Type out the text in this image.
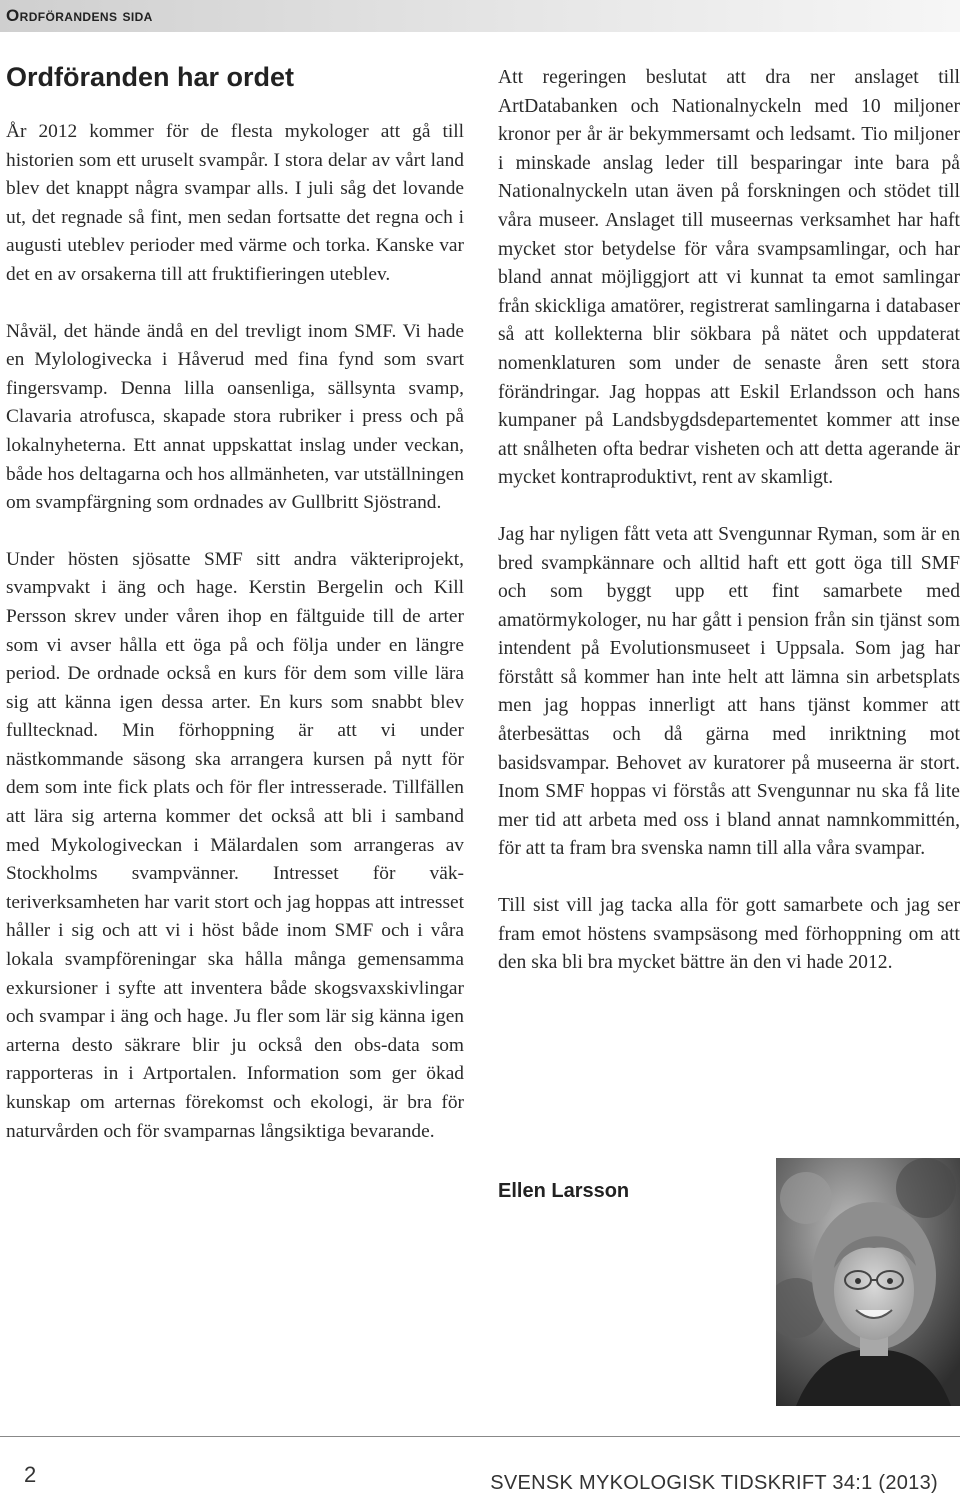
Ordförandens sida
Ordföranden har ordet

År 2012 kommer för de flesta mykologer att gå till historien som ett uruselt svampår. I stora delar av vårt land blev det knappt några svampar alls. I juli såg det lovande ut, det regnade så fint, men sedan fortsatte det regna och i augusti uteblev perioder med värme och torka. Kanske var det en av orsakerna till att fruktifieringen uteblev.

Nåväl, det hände ändå en del trevligt inom SMF. Vi hade en Mylologivecka i Håverud med fina fynd som svart fingersvamp. Denna lilla oansenliga, sällsynta svamp, Clavaria atrofusca, skapade stora rubriker i press och på lokalnyheterna. Ett annat uppskattat inslag under veckan, både hos deltagarna och hos allmänheten, var utställningen om svampfärgning som ordnades av Gullbritt Sjöstrand.

Under hösten sjösatte SMF sitt andra väkteriprojekt, svampvakt i äng och hage. Kerstin Bergelin och Kill Persson skrev under våren ihop en fältguide till de arter som vi avser hålla ett öga på och följa under en längre period. De ordnade också en kurs för dem som ville lära sig att känna igen dessa arter. En kurs som snabbt blev fulltecknad. Min förhoppning är att vi under nästkommande säsong ska arrangera kursen på nytt för dem som inte fick plats och för fler intresserade. Tillfällen att lära sig arterna kommer det också att bli i samband med Mykologiveckan i Mälardalen som arrangeras av Stockholms svampvänner. Intresset för väkteriverksamheten har varit stort och jag hoppas att intresset håller i sig och att vi i höst både inom SMF och i våra lokala svampföreningar ska hålla många gemensamma exkursioner i syfte att inventera både skogsvaxskivlingar och svampar i äng och hage. Ju fler som lär sig känna igen arterna desto säkrare blir ju också den obs-data som rapporteras in i Artportalen. Information som ger ökad kunskap om arternas förekomst och ekologi, är bra för naturvården och för svamparnas långsiktiga bevarande.

Att regeringen beslutat att dra ner anslaget till ArtDatabanken och Nationalnyckeln med 10 miljoner kronor per år är bekymmersamt och ledsamt. Tio miljoner i minskade anslag leder till besparingar inte bara på Nationalnyckeln utan även på forskningen och stödet till våra museer. Anslaget till museernas verksamhet har haft mycket stor betydelse för våra svampsamlingar, och har bland annat möjliggjort att vi kunnat ta emot samlingar från skickliga amatörer, registrerat samlingarna i databaser så att kollekterna blir sökbara på nätet och uppdaterat nomenklaturen som under de senaste åren sett stora förändringar. Jag hoppas att Eskil Erlandsson och hans kumpaner på Landsbygdsdepartementet kommer att inse att snålheten ofta bedrar visheten och att detta agerande är mycket kontraproduktivt, rent av skamligt.

Jag har nyligen fått veta att Svengunnar Ryman, som är en bred svampkännare och alltid haft ett gott öga till SMF och som byggt upp ett fint samarbete med amatörmykologer, nu har gått i pension från sin tjänst som intendent på Evolutionsmuseet i Uppsala. Som jag har förstått så kommer han inte helt att lämna sin arbetsplats men jag hoppas innerligt att hans tjänst kommer att återbesättas och då gärna med inriktning mot basidsvampar. Behovet av kuratorer på museerna är stort. Inom SMF hoppas vi förstås att Svengunnar nu ska få lite mer tid att arbeta med oss i bland annat namnkommittén, för att ta fram bra svenska namn till alla våra svampar.

Till sist vill jag tacka alla för gott samarbete och jag ser fram emot höstens svampsäsong med förhoppning om att den ska bli bra mycket bättre än den vi hade 2012.

Ellen Larsson

2	SVENSK MYKOLOGISK TIDSKRIFT 34:1 (2013)
